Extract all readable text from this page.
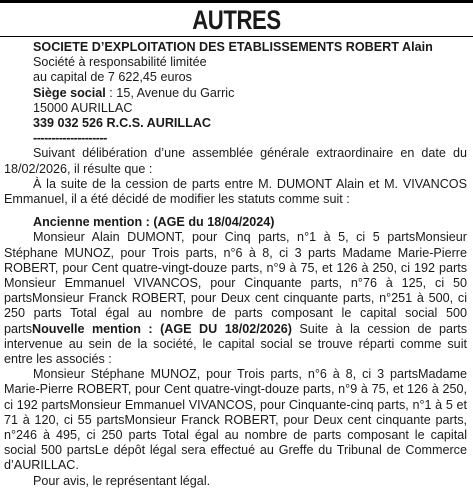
AUTRES
SOCIETE D’EXPLOITATION DES ETABLISSEMENTS ROBERT Alain
Société à responsabilité limitée
au capital de 7 622,45 euros
Siège social : 15, Avenue du Garric
15000 AURILLAC
339 032 526 R.C.S. AURILLAC
--------------------
Suivant délibération d’une assemblée générale extraordinaire en date du 18/02/2026, il résulte que :
À la suite de la cession de parts entre M. DUMONT Alain et M. VIVANCOS Emmanuel, il a été décidé de modifier les statuts comme suit :
Ancienne mention : (AGE du 18/04/2024)
Monsieur Alain DUMONT, pour Cinq parts, n°1 à 5, ci 5 partsMonsieur Stéphane MUNOZ, pour Trois parts, n°6 à 8, ci 3 parts Madame Marie-Pierre ROBERT, pour Cent quatre-vingt-douze parts, n°9 à 75, et 126 à 250, ci 192 parts Monsieur Emmanuel VIVANCOS, pour Cinquante parts, n°76 à 125, ci 50 partsMonsieur Franck ROBERT, pour Deux cent cinquante parts, n°251 à 500, ci 250 parts Total égal au nombre de parts composant le capital social 500 partsNouvelle mention : (AGE DU 18/02/2026) Suite à la cession de parts intervenue au sein de la société, le capital social se trouve réparti comme suit entre les associés :
Monsieur Stéphane MUNOZ, pour Trois parts, n°6 à 8, ci 3 partsMadame Marie-Pierre ROBERT, pour Cent quatre-vingt-douze parts, n°9 à 75, et 126 à 250, ci 192 partsMonsieur Emmanuel VIVANCOS, pour Cinquante-cinq parts, n°1 à 5 et 71 à 120, ci 55 partsMonsieur Franck ROBERT, pour Deux cent cinquante parts, n°246 à 495, ci 250 parts Total égal au nombre de parts composant le capital social 500 partsLe dépôt légal sera effectué au Greffe du Tribunal de Commerce d’AURILLAC.
Pour avis, le représentant légal.
